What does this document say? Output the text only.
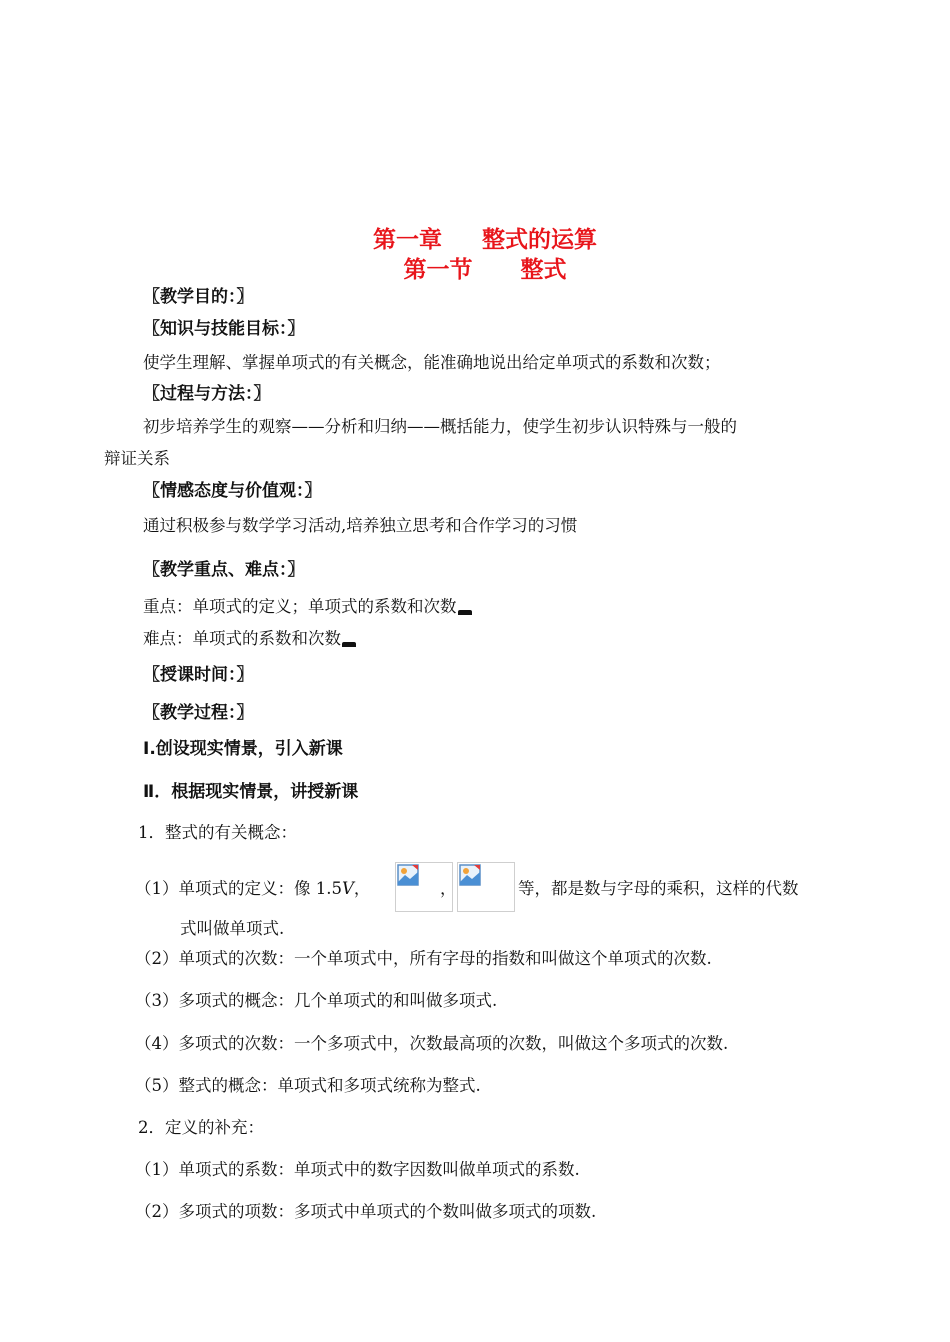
第一章     整式的运算
第一节      整式
〖教学目的：〗
〖知识与技能目标：〗
使学生理解、掌握单项式的有关概念，能准确地说出给定单项式的系数和次数；
〖过程与方法：〗
初步培养学生的观察——分析和归纳——概括能力，使学生初步认识特殊与一般的
辩证关系
〖情感态度与价值观：〗
通过积极参与数学学习活动,培养独立思考和合作学习的习惯
〖教学重点、难点：〗
重点：单项式的定义；单项式的系数和次数
难点：单项式的系数和次数
〖授课时间：〗
〖教学过程：〗
Ⅰ.创设现实情景，引入新课
Ⅱ．根据现实情景，讲授新课
1．整式的有关概念：
（1）单项式的定义：像 1.5V，	，	等，都是数与字母的乘积，这样的代数
式叫做单项式.
（2）单项式的次数：一个单项式中，所有字母的指数和叫做这个单项式的次数.
（3）多项式的概念：几个单项式的和叫做多项式.
（4）多项式的次数：一个多项式中，次数最高项的次数，叫做这个多项式的次数.
（5）整式的概念：单项式和多项式统称为整式.
2．定义的补充：
（1）单项式的系数：单项式中的数字因数叫做单项式的系数.
（2）多项式的项数：多项式中单项式的个数叫做多项式的项数.
